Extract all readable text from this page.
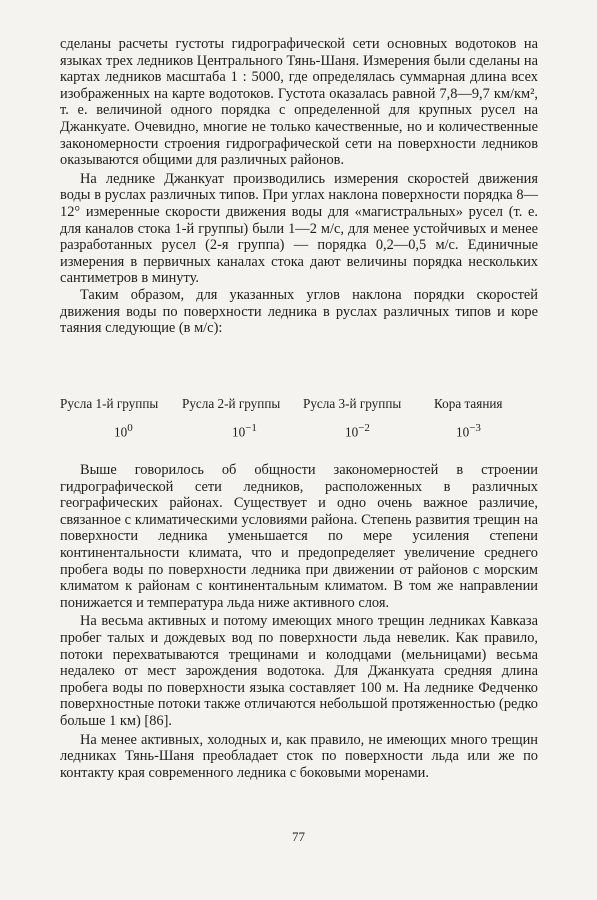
сделаны расчеты густоты гидрографической сети основных водотоков на языках трех ледников Центрального Тянь-Шаня. Измерения были сделаны на картах ледников масштаба 1 : 5000, где определялась суммарная длина всех изображенных на карте водотоков. Густота оказалась равной 7,8—9,7 км/км², т. е. величиной одного порядка с определенной для крупных русел на Джанкуате. Очевидно, многие не только качественные, но и количественные закономерности строения гидрографической сети на поверхности ледников оказываются общими для различных районов.

На леднике Джанкуат производились измерения скоростей движения воды в руслах различных типов. При углах наклона поверхности порядка 8—12° измеренные скорости движения воды для «магистральных» русел (т. е. для каналов стока 1-й группы) были 1—2 м/с, для менее устойчивых и менее разработанных русел (2-я группа) — порядка 0,2—0,5 м/с. Единичные измерения в первичных каналах стока дают величины порядка нескольких сантиметров в минуту.

Таким образом, для указанных углов наклона порядки скоростей движения воды по поверхности ледника в руслах различных типов и коре таяния следующие (в м/с):

Русла 1-й группы	Русла 2-й группы	Русла 3-й группы	Кора таяния
$10^0$	$10^{-1}$	$10^{-2}$	$10^{-3}$

Выше говорилось об общности закономерностей в строении гидрографической сети ледников, расположенных в различных географических районах. Существует и одно очень важное различие, связанное с климатическими условиями района. Степень развития трещин на поверхности ледника уменьшается по мере усиления степени континентальности климата, что и предопределяет увеличение среднего пробега воды по поверхности ледника при движении от районов с морским климатом к районам с континентальным климатом. В том же направлении понижается и температура льда ниже активного слоя.

На весьма активных и потому имеющих много трещин ледниках Кавказа пробег талых и дождевых вод по поверхности льда невелик. Как правило, потоки перехватываются трещинами и колодцами (мельницами) весьма недалеко от мест зарождения водотока. Для Джанкуата средняя длина пробега воды по поверхности языка составляет 100 м. На леднике Федченко поверхностные потоки также отличаются небольшой протяженностью (редко больше 1 км) [86].

На менее активных, холодных и, как правило, не имеющих много трещин ледниках Тянь-Шаня преобладает сток по поверхности льда или же по контакту края современного ледника с боковыми моренами.

77
